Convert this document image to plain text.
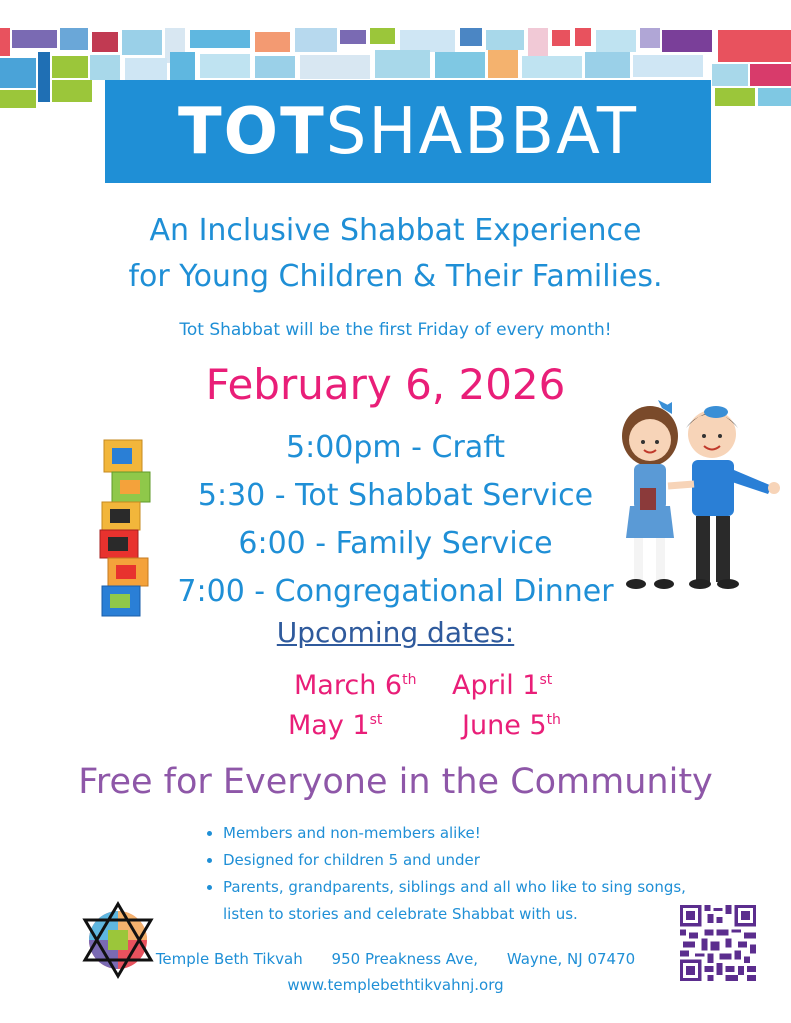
TOTSHABBAT
An Inclusive Shabbat Experience
for Young Children & Their Families.
Tot Shabbat will be the first Friday of every month!
February 6, 2026
5:00pm - Craft
5:30 - Tot Shabbat Service
6:00 - Family Service
7:00 - Congregational Dinner
Upcoming dates:
March 6th April 1st
May 1st	June 5th
Free for Everyone in the Community
• Members and non-members alike!
• Designed for children 5 and under
• Parents, grandparents, siblings and all who like to sing songs, listen to stories and celebrate Shabbat with us.
Temple Beth Tikvah 950 Preakness Ave, Wayne, NJ 07470
www.templebethtikvahnj.org
